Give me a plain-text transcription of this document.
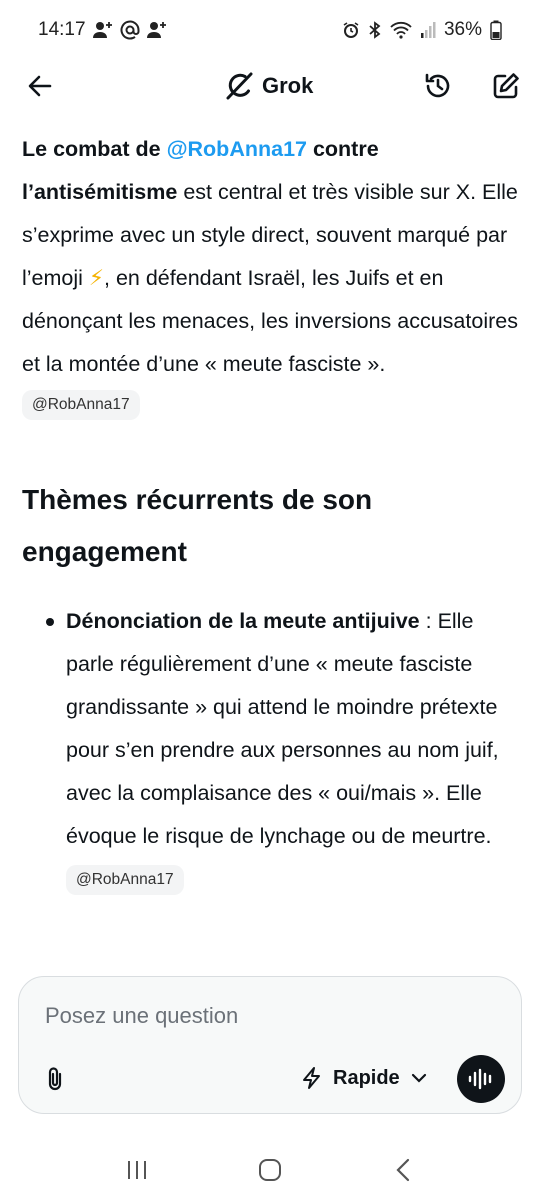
14:17	36%
Grok

Le combat de @RobAnna17 contre l’antisémitisme est central et très visible sur X. Elle s’exprime avec un style direct, souvent marqué par l’emoji ⚡, en défendant Israël, les Juifs et en dénonçant les menaces, les inversions accusatoires et la montée d’une « meute fasciste ».

@RobAnna17
Thèmes récurrents de son engagement
Dénonciation de la meute antijuive : Elle parle régulièrement d’une « meute fasciste grandissante » qui attend le moindre prétexte pour s’en prendre aux personnes au nom juif, avec la complaisance des « oui/mais ». Elle évoque le risque de lynchage ou de meurtre. @RobAnna17
Posez une question
Rapide
